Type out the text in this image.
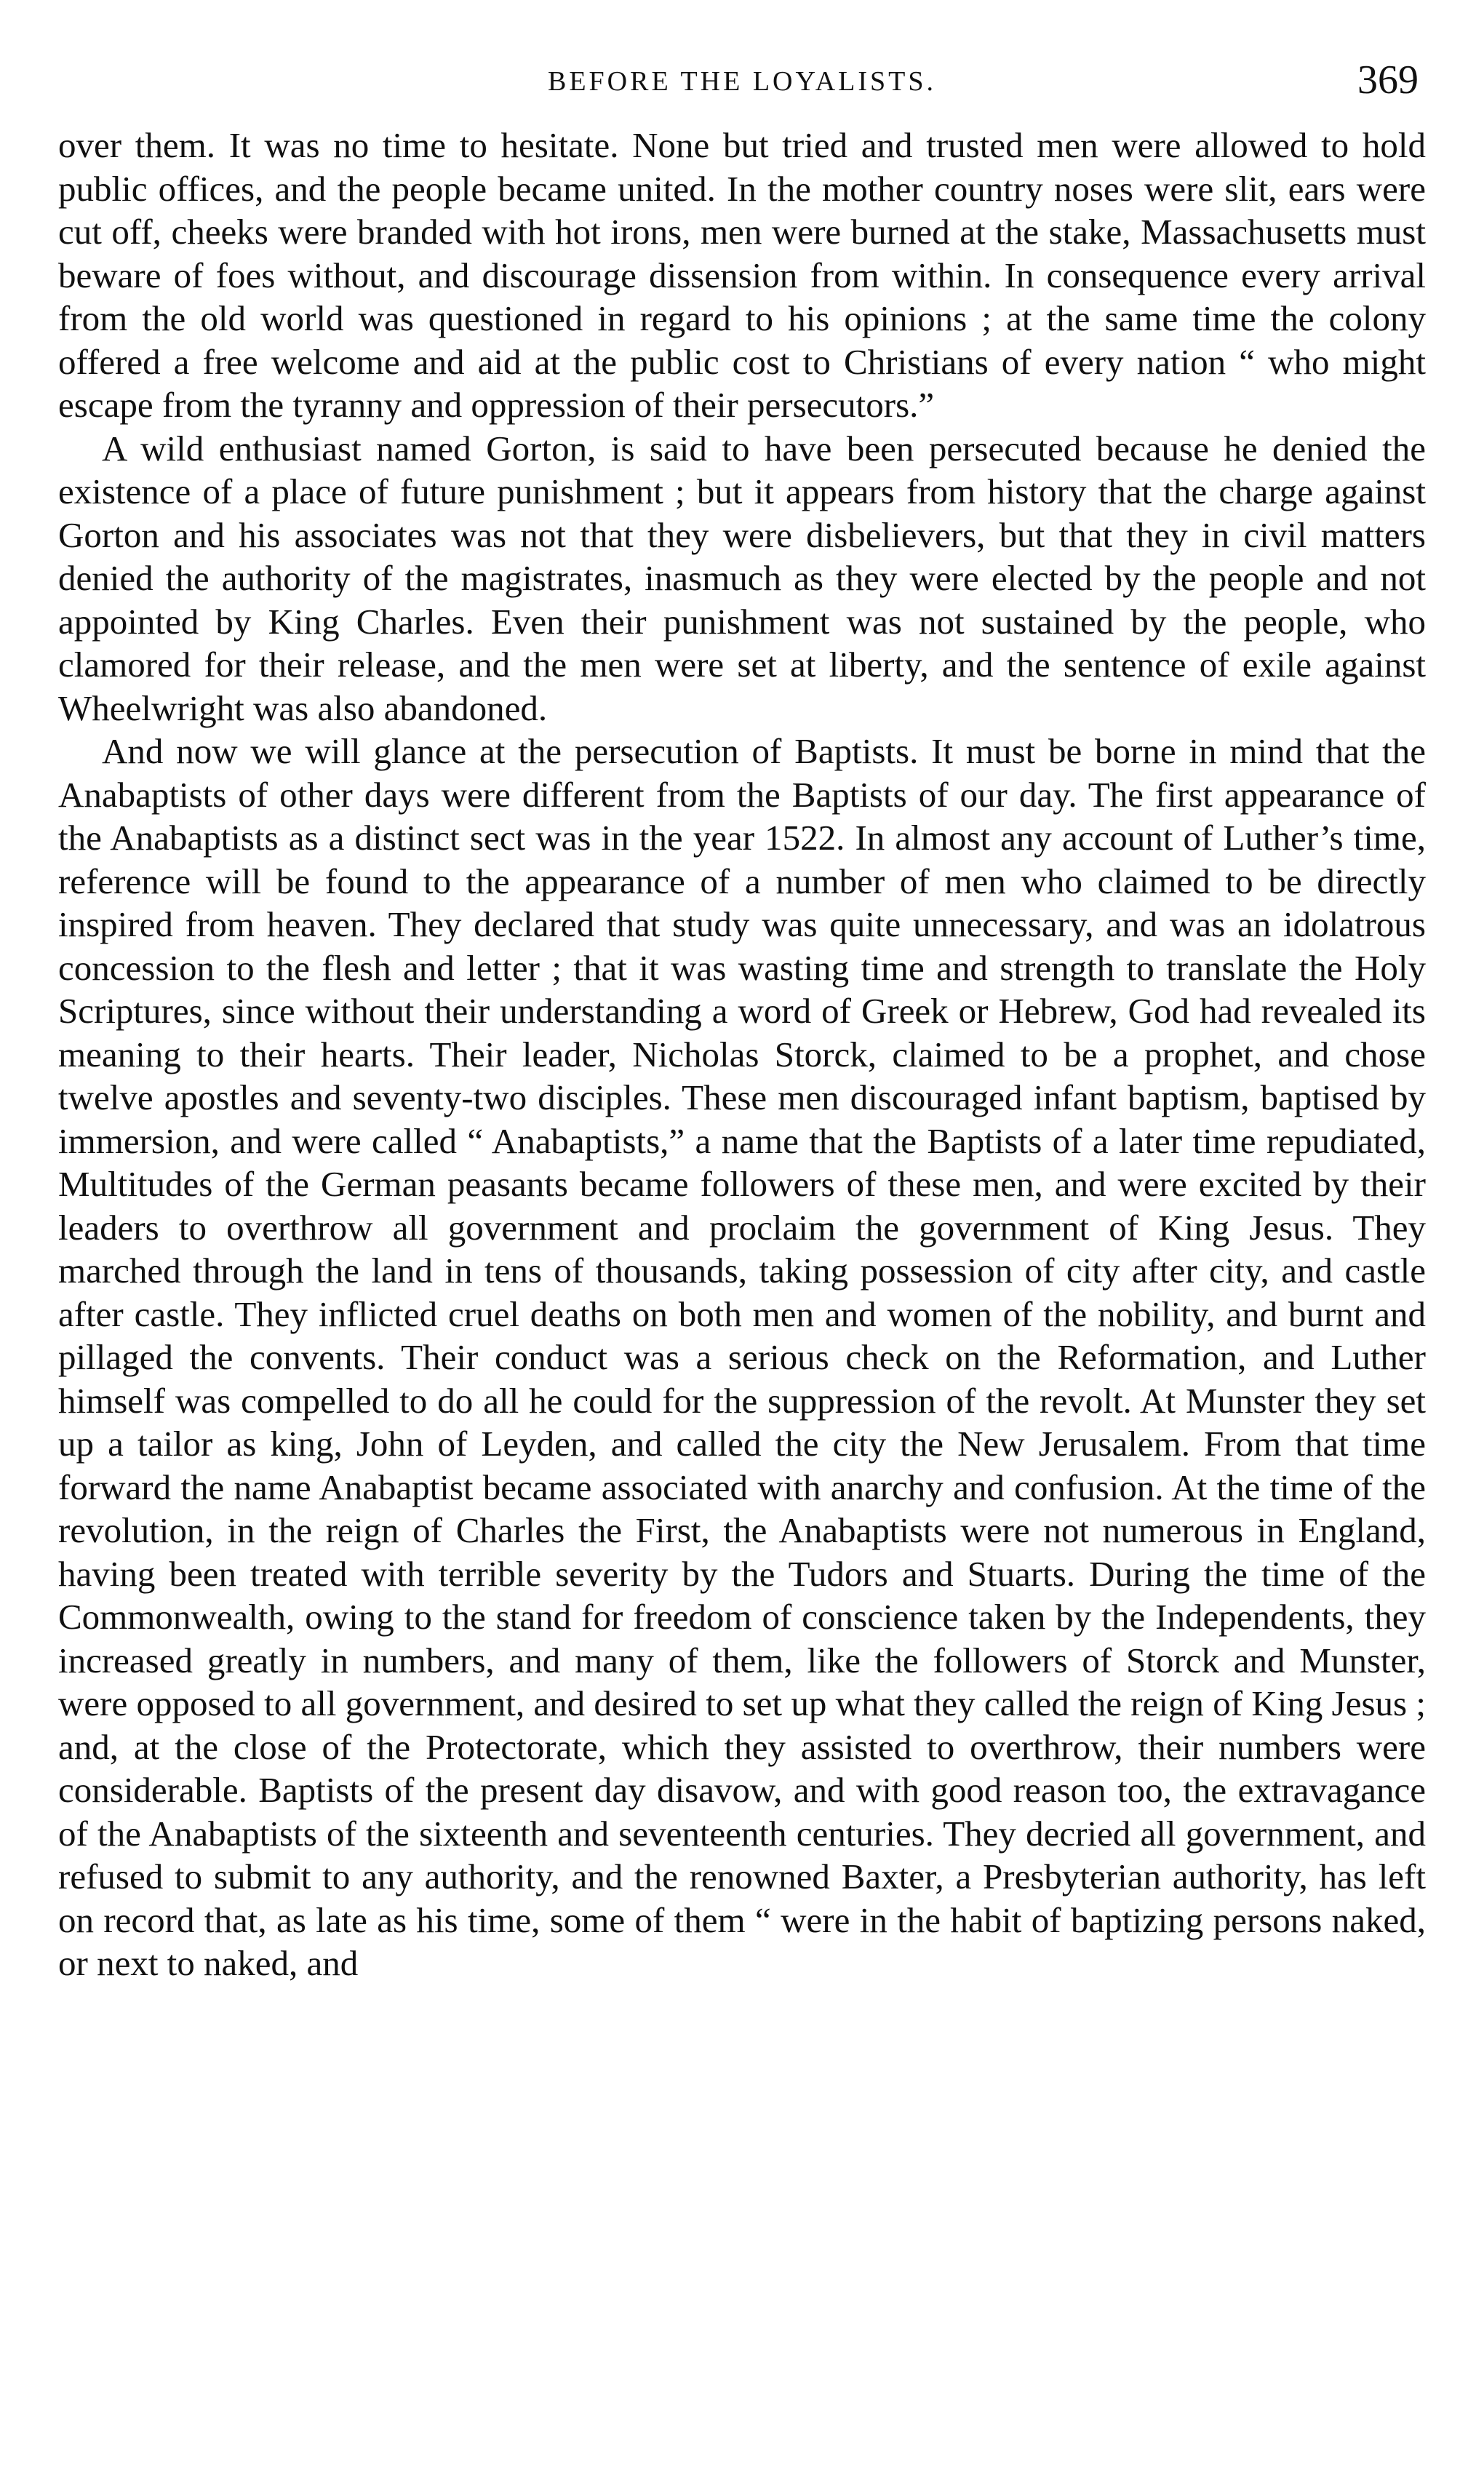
BEFORE THE LOYALISTS.	369

over them. It was no time to hesitate. None but tried and trusted men were allowed to hold public offices, and the people became united. In the mother country noses were slit, ears were cut off, cheeks were branded with hot irons, men were burned at the stake, Massachusetts must beware of foes without, and discourage dissension from within. In consequence every arrival from the old world was questioned in regard to his opinions ; at the same time the colony offered a free welcome and aid at the public cost to Christians of every nation “ who might escape from the tyranny and oppression of their persecutors.”

A wild enthusiast named Gorton, is said to have been persecuted because he denied the existence of a place of future punishment ; but it appears from history that the charge against Gorton and his associates was not that they were disbelievers, but that they in civil matters denied the authority of the magistrates, inasmuch as they were elected by the people and not appointed by King Charles. Even their punishment was not sustained by the people, who clamored for their release, and the men were set at liberty, and the sentence of exile against Wheelwright was also abandoned.

And now we will glance at the persecution of Baptists. It must be borne in mind that the Anabaptists of other days were different from the Baptists of our day. The first appearance of the Anabaptists as a distinct sect was in the year 1522. In almost any account of Luther’s time, reference will be found to the appearance of a number of men who claimed to be directly inspired from heaven. They declared that study was quite unnecessary, and was an idolatrous concession to the flesh and letter ; that it was wasting time and strength to translate the Holy Scriptures, since without their understanding a word of Greek or Hebrew, God had revealed its meaning to their hearts. Their leader, Nicholas Storck, claimed to be a prophet, and chose twelve apostles and seventy-two disciples. These men discouraged infant baptism, baptised by immersion, and were called “ Anabaptists,” a name that the Baptists of a later time repudiated, Multitudes of the German peasants became followers of these men, and were excited by their leaders to overthrow all government and proclaim the government of King Jesus. They marched through the land in tens of thousands, taking possession of city after city, and castle after castle. They inflicted cruel deaths on both men and women of the nobility, and burnt and pillaged the convents. Their conduct was a serious check on the Reformation, and Luther himself was compelled to do all he could for the suppression of the revolt. At Munster they set up a tailor as king, John of Leyden, and called the city the New Jerusalem. From that time forward the name Anabaptist became associated with anarchy and confusion. At the time of the revolution, in the reign of Charles the First, the Anabaptists were not numerous in England, having been treated with terrible severity by the Tudors and Stuarts. During the time of the Commonwealth, owing to the stand for freedom of conscience taken by the Independents, they increased greatly in numbers, and many of them, like the followers of Storck and Munster, were opposed to all government, and desired to set up what they called the reign of King Jesus ; and, at the close of the Protectorate, which they assisted to overthrow, their numbers were considerable. Baptists of the present day disavow, and with good reason too, the extravagance of the Anabaptists of the sixteenth and seventeenth centuries. They decried all government, and refused to submit to any authority, and the renowned Baxter, a Presbyterian authority, has left on record that, as late as his time, some of them “ were in the habit of baptizing persons naked, or next to naked, and
